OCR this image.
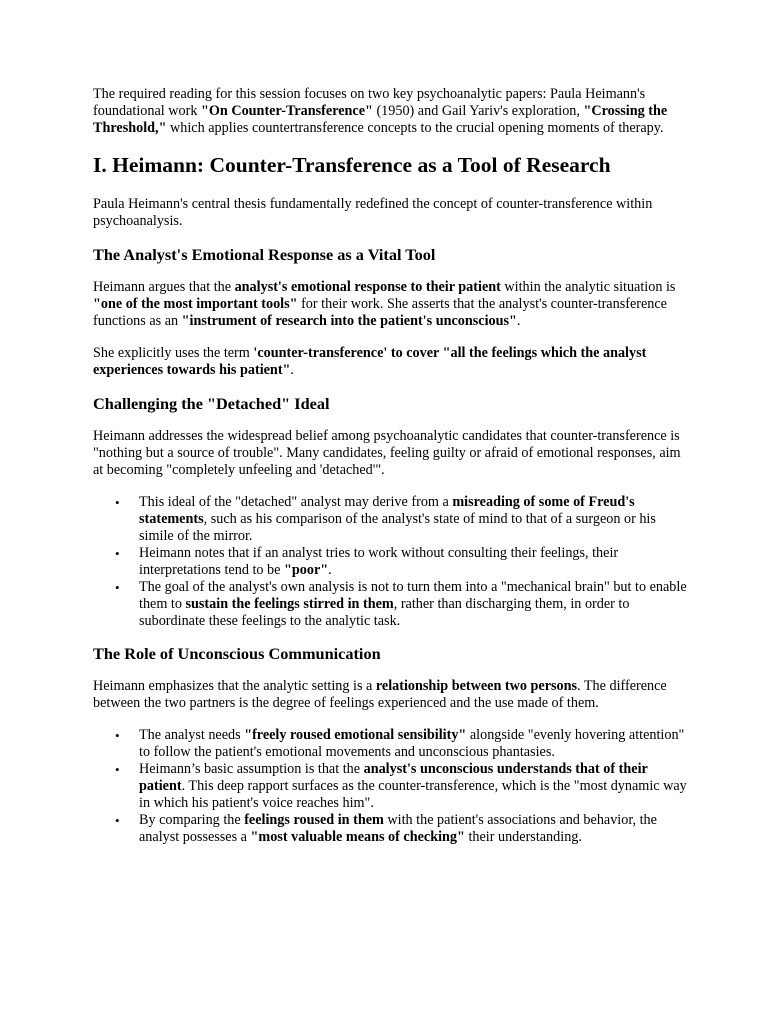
The required reading for this session focuses on two key psychoanalytic papers: Paula Heimann's foundational work "On Counter-Transference" (1950) and Gail Yariv's exploration, "Crossing the Threshold," which applies countertransference concepts to the crucial opening moments of therapy.

I. Heimann: Counter-Transference as a Tool of Research

Paula Heimann's central thesis fundamentally redefined the concept of counter-transference within psychoanalysis.

The Analyst's Emotional Response as a Vital Tool

Heimann argues that the analyst's emotional response to their patient within the analytic situation is "one of the most important tools" for their work. She asserts that the analyst's counter-transference functions as an "instrument of research into the patient's unconscious".

She explicitly uses the term 'counter-transference' to cover "all the feelings which the analyst experiences towards his patient".

Challenging the "Detached" Ideal

Heimann addresses the widespread belief among psychoanalytic candidates that counter-transference is "nothing but a source of trouble". Many candidates, feeling guilty or afraid of emotional responses, aim at becoming "completely unfeeling and 'detached'".

• This ideal of the "detached" analyst may derive from a misreading of some of Freud's statements, such as his comparison of the analyst's state of mind to that of a surgeon or his simile of the mirror.
• Heimann notes that if an analyst tries to work without consulting their feelings, their interpretations tend to be "poor".
• The goal of the analyst's own analysis is not to turn them into a "mechanical brain" but to enable them to sustain the feelings stirred in them, rather than discharging them, in order to subordinate these feelings to the analytic task.
The Role of Unconscious Communication

Heimann emphasizes that the analytic setting is a relationship between two persons. The difference between the two partners is the degree of feelings experienced and the use made of them.

• The analyst needs "freely roused emotional sensibility" alongside "evenly hovering attention" to follow the patient's emotional movements and unconscious phantasies.
• Heimann’s basic assumption is that the analyst's unconscious understands that of their patient. This deep rapport surfaces as the counter-transference, which is the "most dynamic way in which his patient's voice reaches him".
• By comparing the feelings roused in them with the patient's associations and behavior, the analyst possesses a "most valuable means of checking" their understanding.
